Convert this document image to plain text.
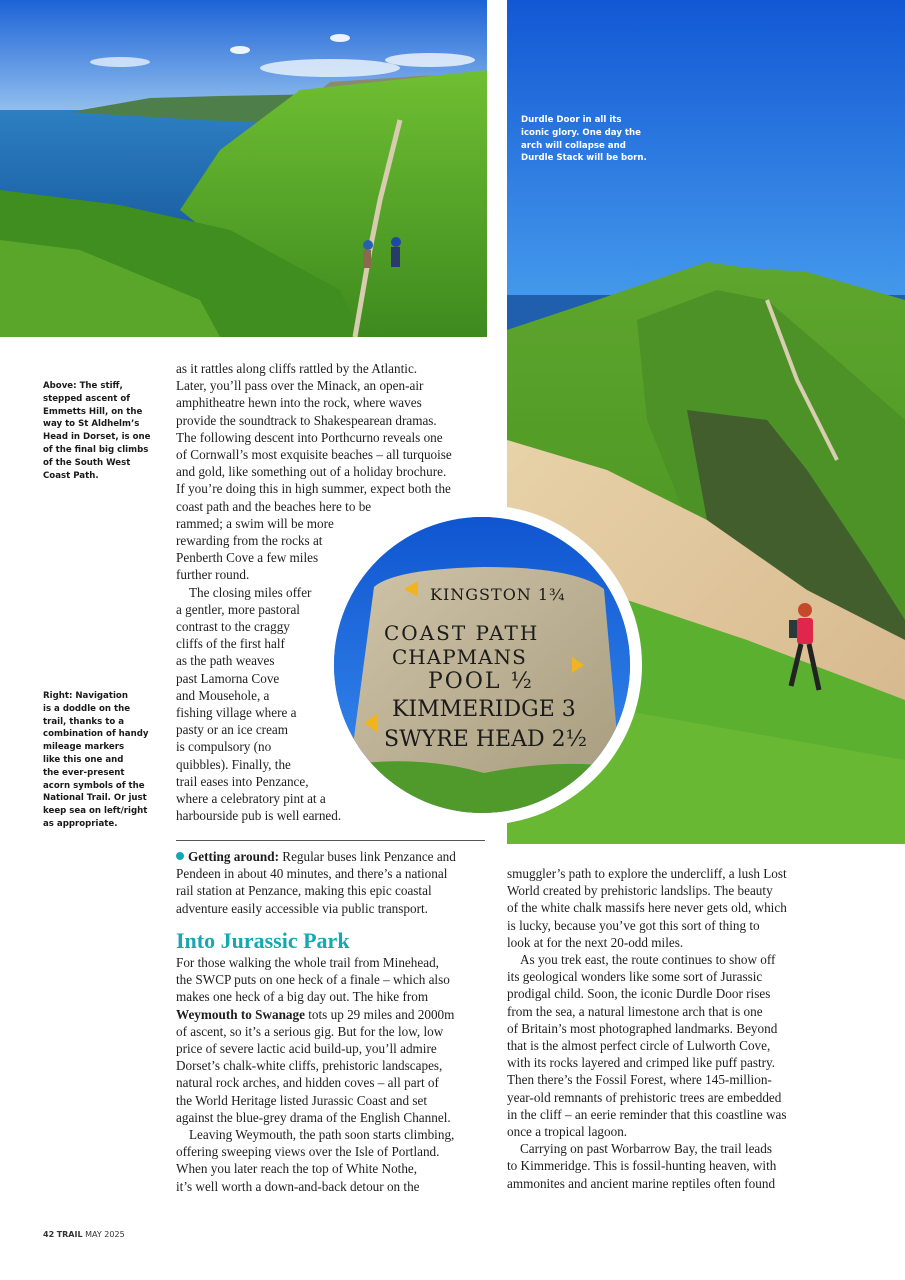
Durdle Door in all its
iconic glory. One day the
arch will collapse and
Durdle Stack will be born.
Above: The stiff,
stepped ascent of
Emmetts Hill, on the
way to St Aldhelm’s
Head in Dorset, is one
of the final big climbs
of the South West
Coast Path.
Right: Navigation
is a doddle on the
trail, thanks to a
combination of handy
mileage markers
like this one and
the ever-present
acorn symbols of the
National Trail. Or just
keep sea on left/right
as appropriate.
as it rattles along cliffs rattled by the Atlantic.
Later, you’ll pass over the Minack, an open-air
amphitheatre hewn into the rock, where waves
provide the soundtrack to Shakespearean dramas.
The following descent into Porthcurno reveals one
of Cornwall’s most exquisite beaches – all turquoise
and gold, like something out of a holiday brochure.
If you’re doing this in high summer, expect both the
coast path and the beaches here to be
rammed; a swim will be more
rewarding from the rocks at
Penberth Cove a few miles
further round.
The closing miles offer
a gentler, more pastoral
contrast to the craggy
cliffs of the first half
as the path weaves
past Lamorna Cove
and Mousehole, a
fishing village where a
pasty or an ice cream
is compulsory (no
quibbles). Finally, the
trail eases into Penzance,
where a celebratory pint at a
harbourside pub is well earned.
KINGSTON 1¾
COAST PATH
CHAPMANS
POOL ½
KIMMERIDGE 3
SWYRE HEAD 2½
Getting around: Regular buses link Penzance and
Pendeen in about 40 minutes, and there’s a national
rail station at Penzance, making this epic coastal
adventure easily accessible via public transport.
Into Jurassic Park
For those walking the whole trail from Minehead,
the SWCP puts on one heck of a finale – which also
makes one heck of a big day out. The hike from
Weymouth to Swanage tots up 29 miles and 2000m
of ascent, so it’s a serious gig. But for the low, low
price of severe lactic acid build-up, you’ll admire
Dorset’s chalk-white cliffs, prehistoric landscapes,
natural rock arches, and hidden coves – all part of
the World Heritage listed Jurassic Coast and set
against the blue-grey drama of the English Channel.
Leaving Weymouth, the path soon starts climbing,
offering sweeping views over the Isle of Portland.
When you later reach the top of White Nothe,
it’s well worth a down-and-back detour on the
smuggler’s path to explore the undercliff, a lush Lost
World created by prehistoric landslips. The beauty
of the white chalk massifs here never gets old, which
is lucky, because you’ve got this sort of thing to
look at for the next 20-odd miles.
As you trek east, the route continues to show off
its geological wonders like some sort of Jurassic
prodigal child. Soon, the iconic Durdle Door rises
from the sea, a natural limestone arch that is one
of Britain’s most photographed landmarks. Beyond
that is the almost perfect circle of Lulworth Cove,
with its rocks layered and crimped like puff pastry.
Then there’s the Fossil Forest, where 145-million-
year-old remnants of prehistoric trees are embedded
in the cliff – an eerie reminder that this coastline was
once a tropical lagoon.
Carrying on past Worbarrow Bay, the trail leads
to Kimmeridge. This is fossil-hunting heaven, with
ammonites and ancient marine reptiles often found
42 TRAIL MAY 2025
